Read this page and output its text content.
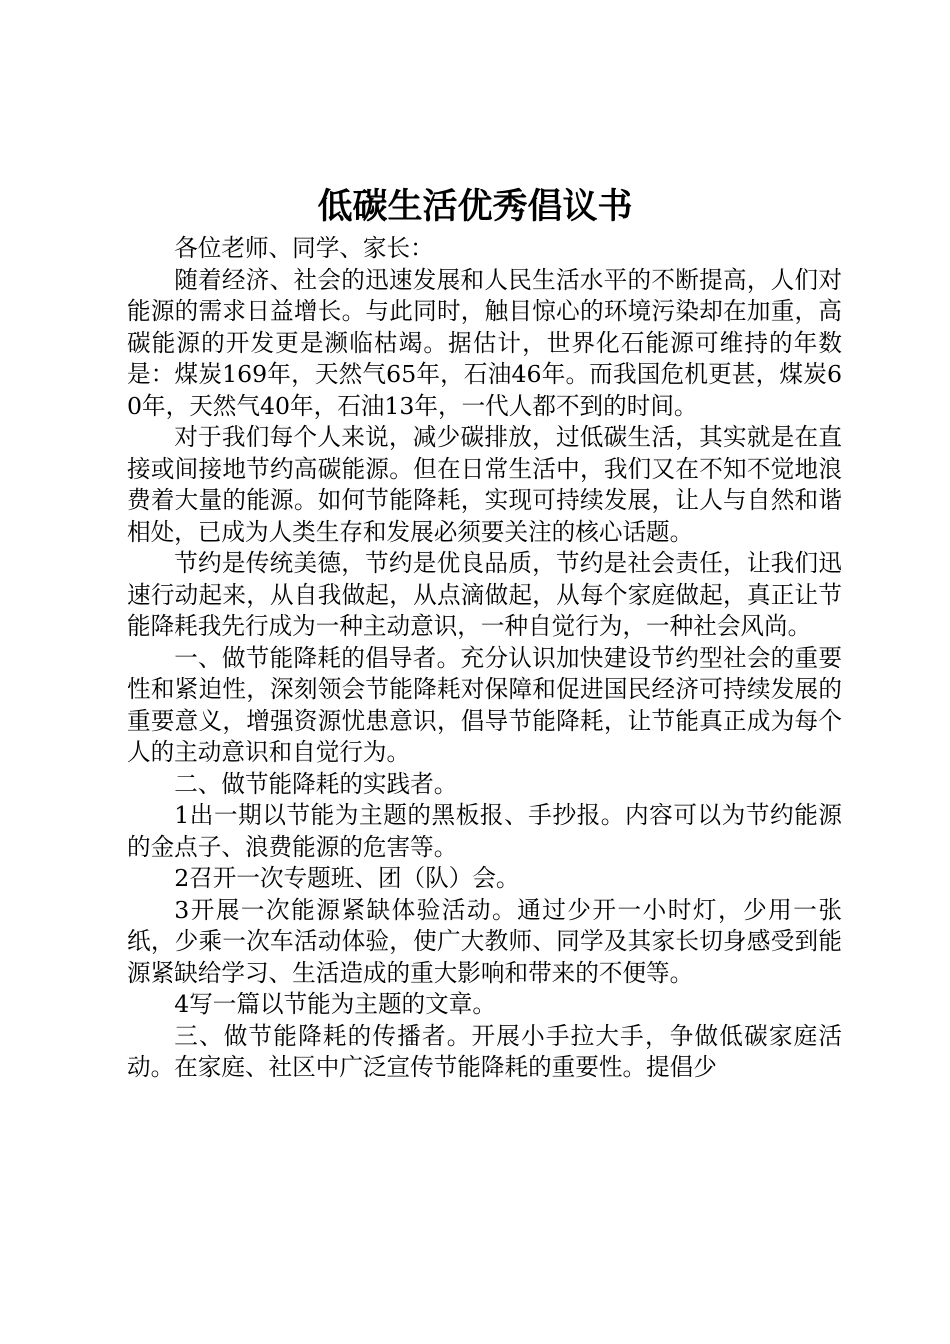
低碳生活优秀倡议书

各位老师、同学、家长：

随着经济、社会的迅速发展和人民生活水平的不断提高，人们对能源的需求日益增长。与此同时，触目惊心的环境污染却在加重，高碳能源的开发更是濒临枯竭。据估计，世界化石能源可维持的年数是：煤炭169年，天然气65年，石油46年。而我国危机更甚，煤炭60年，天然气40年，石油13年，一代人都不到的时间。

对于我们每个人来说，减少碳排放，过低碳生活，其实就是在直接或间接地节约高碳能源。但在日常生活中，我们又在不知不觉地浪费着大量的能源。如何节能降耗，实现可持续发展，让人与自然和谐相处，已成为人类生存和发展必须要关注的核心话题。

节约是传统美德，节约是优良品质，节约是社会责任，让我们迅速行动起来，从自我做起，从点滴做起，从每个家庭做起，真正让节能降耗我先行成为一种主动意识，一种自觉行为，一种社会风尚。

一、做节能降耗的倡导者。充分认识加快建设节约型社会的重要性和紧迫性，深刻领会节能降耗对保障和促进国民经济可持续发展的重要意义，增强资源忧患意识，倡导节能降耗，让节能真正成为每个人的主动意识和自觉行为。

二、做节能降耗的实践者。

1出一期以节能为主题的黑板报、手抄报。内容可以为节约能源的金点子、浪费能源的危害等。

2召开一次专题班、团（队）会。

3开展一次能源紧缺体验活动。通过少开一小时灯，少用一张纸，少乘一次车活动体验，使广大教师、同学及其家长切身感受到能源紧缺给学习、生活造成的重大影响和带来的不便等。

4写一篇以节能为主题的文章。

三、做节能降耗的传播者。开展小手拉大手，争做低碳家庭活动。在家庭、社区中广泛宣传节能降耗的重要性。提倡少
